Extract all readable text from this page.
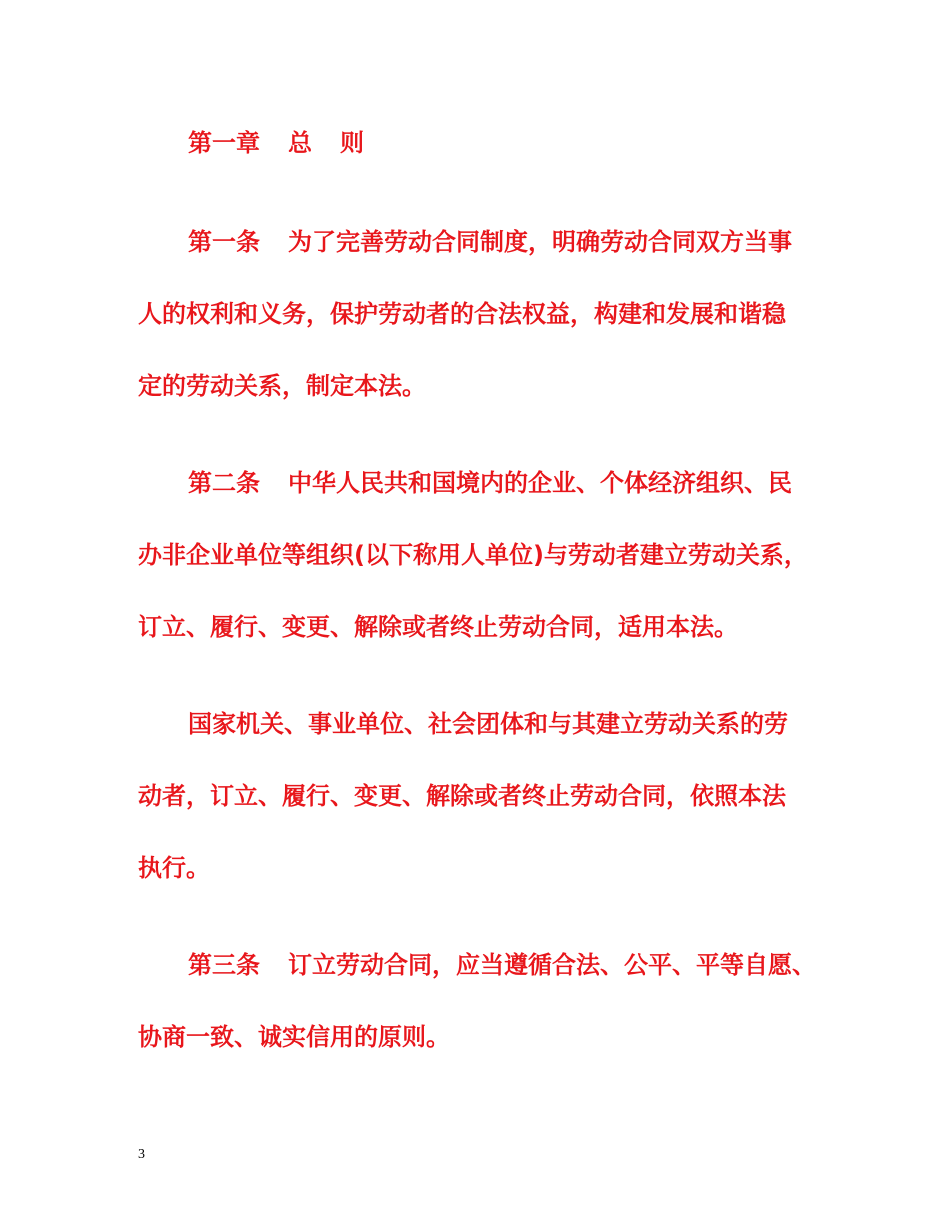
第一章 总 则

第一条 为了完善劳动合同制度，明确劳动合同双方当事

人的权利和义务，保护劳动者的合法权益，构建和发展和谐稳

定的劳动关系，制定本法。

第二条 中华人民共和国境内的企业、个体经济组织、民

办非企业单位等组织(以下称用人单位)与劳动者建立劳动关系，

订立、履行、变更、解除或者终止劳动合同，适用本法。

国家机关、事业单位、社会团体和与其建立劳动关系的劳

动者，订立、履行、变更、解除或者终止劳动合同，依照本法

执行。

第三条 订立劳动合同，应当遵循合法、公平、平等自愿、

协商一致、诚实信用的原则。

3
